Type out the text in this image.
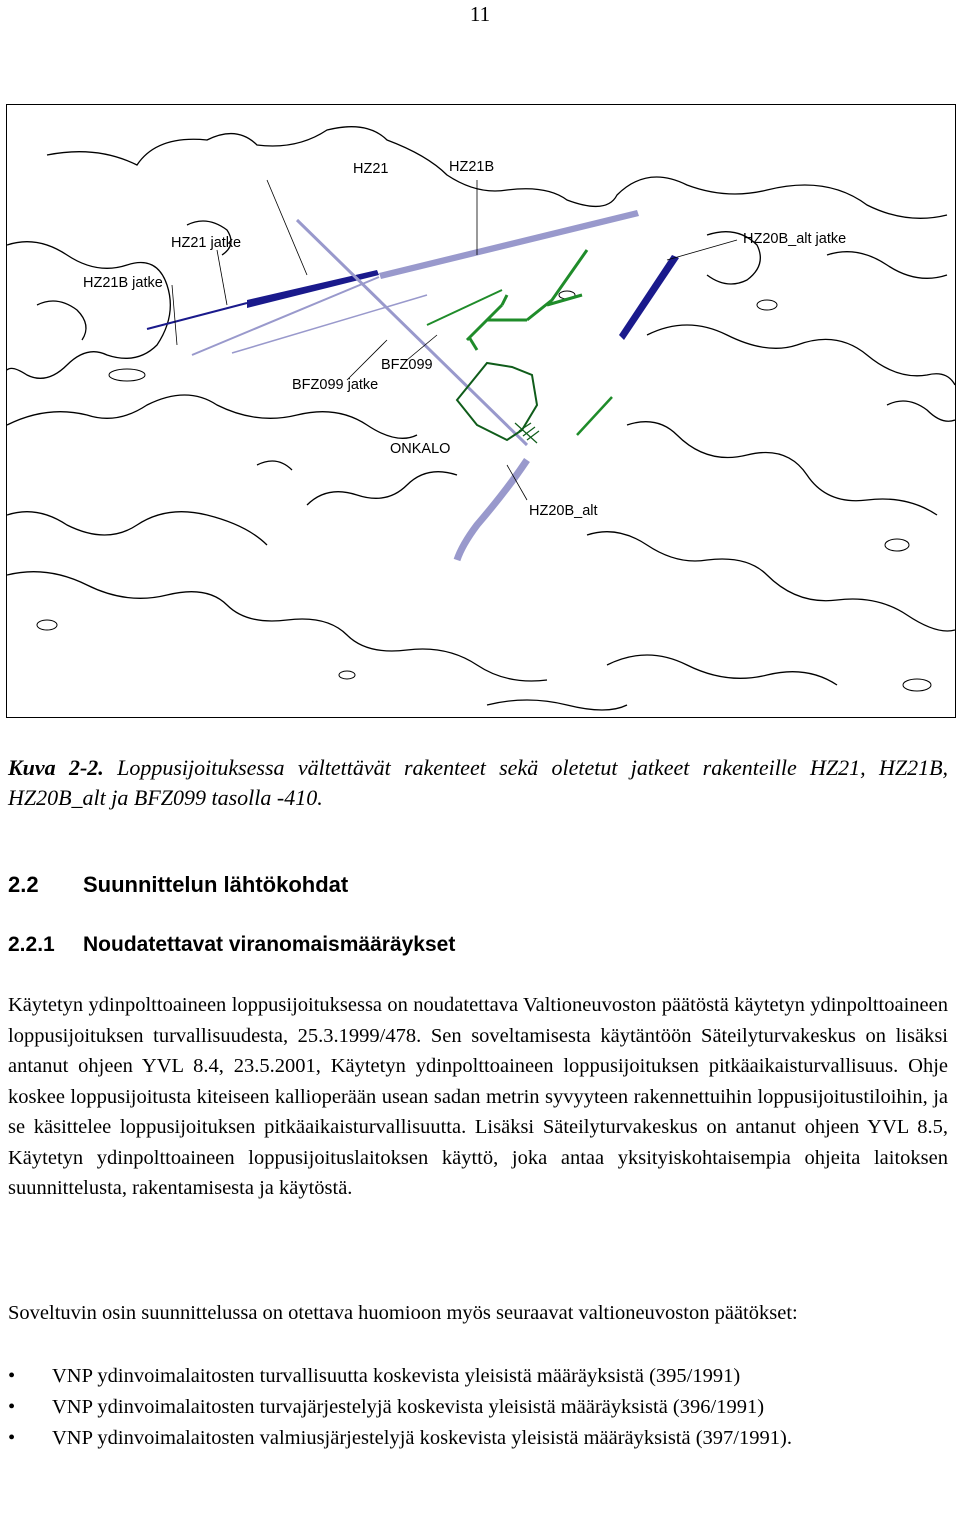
11
HZ21	HZ21B
HZ21 jatke
HZ21B jatke
HZ20B_alt jatke
BFZ099
BFZ099 jatke
ONKALO
HZ20B_alt
Kuva 2-2. Loppusijoituksessa vältettävät rakenteet sekä oletetut jatkeet rakenteille HZ21, HZ21B, HZ20B_alt ja BFZ099 tasolla -410.
2.2 Suunnittelun lähtökohdat
2.2.1 Noudatettavat viranomaismääräykset

Käytetyn ydinpolttoaineen loppusijoituksessa on noudatettava Valtioneuvoston päätöstä käytetyn ydinpolttoaineen loppusijoituksen turvallisuudesta, 25.3.1999/478. Sen soveltamisesta käytäntöön Säteilyturvakeskus on lisäksi antanut ohjeen YVL 8.4, 23.5.2001, Käytetyn ydinpolttoaineen loppusijoituksen pitkäaikaisturvallisuus. Ohje koskee loppusijoitusta kiteiseen kallioperään usean sadan metrin syvyyteen rakennettuihin loppusijoitustiloihin, ja se käsittelee loppusijoituksen pitkäaikaisturvallisuutta. Lisäksi Säteilyturvakeskus on antanut ohjeen YVL 8.5, Käytetyn ydinpolttoaineen loppusijoituslaitoksen käyttö, joka antaa yksityiskohtaisempia ohjeita laitoksen suunnittelusta, rakentamisesta ja käytöstä.

Soveltuvin osin suunnittelussa on otettava huomioon myös seuraavat valtioneuvoston päätökset:

• VNP ydinvoimalaitosten turvallisuutta koskevista yleisistä määräyksistä (395/1991)
• VNP ydinvoimalaitosten turvajärjestelyjä koskevista yleisistä määräyksistä (396/1991)
• VNP ydinvoimalaitosten valmiusjärjestelyjä koskevista yleisistä määräyksistä (397/1991).
